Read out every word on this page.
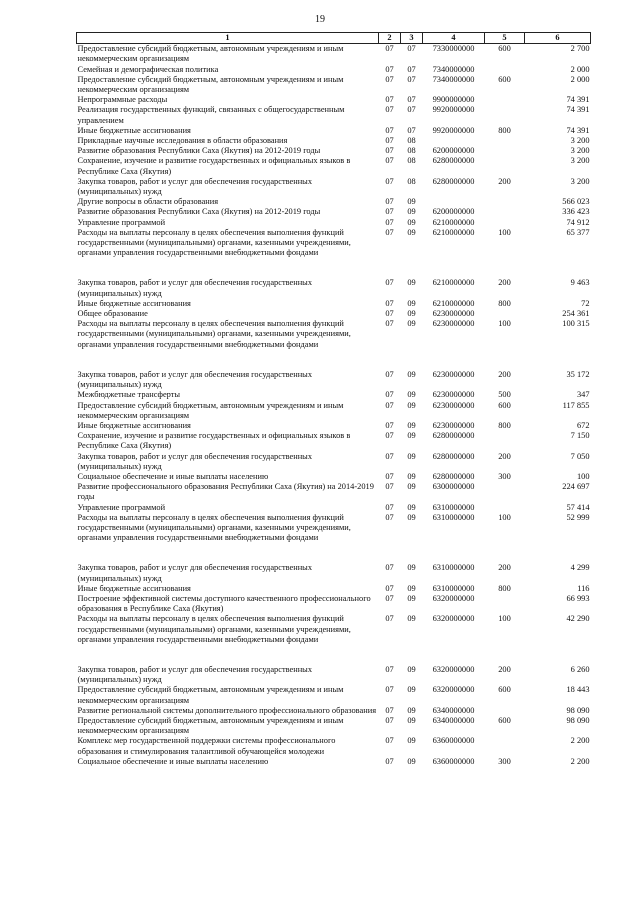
19
1	2	3	4	5	6
Предоставление субсидий бюджетным, автономным учреждениям и иным некоммерческим организациям	07	07	7330000000	600	2 700
Семейная и демографическая политика	07	07	7340000000		2 000
Предоставление субсидий бюджетным, автономным учреждениям и иным некоммерческим организациям	07	07	7340000000	600	2 000
Непрограммные расходы	07	07	9900000000		74 391
Реализация государственных функций, связанных с общегосударственным управлением	07	07	9920000000		74 391
Иные бюджетные ассигнования	07	07	9920000000	800	74 391
Прикладные научные исследования в области образования	07	08			3 200
Развитие образования Республики Саха (Якутия) на 2012-2019 годы	07	08	6200000000		3 200
Сохранение, изучение и развитие государственных и официальных языков в Республике Саха (Якутия)	07	08	6280000000		3 200
Закупка товаров, работ и услуг для обеспечения государственных (муниципальных) нужд	07	08	6280000000	200	3 200
Другие вопросы в области образования	07	09			566 023
Развитие образования Республики Саха (Якутия) на 2012-2019 годы	07	09	6200000000		336 423
Управление программой	07	09	6210000000		74 912
Расходы на выплаты персоналу в целях обеспечения выполнения функций государственными (муниципальными) органами, казенными учреждениями, органами управления государственными внебюджетными фондами	07	09	6210000000	100	65 377

Закупка товаров, работ и услуг для обеспечения государственных (муниципальных) нужд	07	09	6210000000	200	9 463
Иные бюджетные ассигнования	07	09	6210000000	800	72
Общее образование	07	09	6230000000		254 361
Расходы на выплаты персоналу в целях обеспечения выполнения функций государственными (муниципальными) органами, казенными учреждениями, органами управления государственными внебюджетными фондами	07	09	6230000000	100	100 315

Закупка товаров, работ и услуг для обеспечения государственных (муниципальных) нужд	07	09	6230000000	200	35 172
Межбюджетные трансферты	07	09	6230000000	500	347
Предоставление субсидий бюджетным, автономным учреждениям и иным некоммерческим организациям	07	09	6230000000	600	117 855
Иные бюджетные ассигнования	07	09	6230000000	800	672
Сохранение, изучение и развитие государственных и официальных языков в Республике Саха (Якутия)	07	09	6280000000		7 150
Закупка товаров, работ и услуг для обеспечения государственных (муниципальных) нужд	07	09	6280000000	200	7 050
Социальное обеспечение и иные выплаты населению	07	09	6280000000	300	100
Развитие профессионального образования Республики Саха (Якутия) на 2014-2019 годы	07	09	6300000000		224 697
Управление программой	07	09	6310000000		57 414
Расходы на выплаты персоналу в целях обеспечения выполнения функций государственными (муниципальными) органами, казенными учреждениями, органами управления государственными внебюджетными фондами	07	09	6310000000	100	52 999

Закупка товаров, работ и услуг для обеспечения государственных (муниципальных) нужд	07	09	6310000000	200	4 299
Иные бюджетные ассигнования	07	09	6310000000	800	116
Построение эффективной системы доступного качественного профессионального образования в Республике Саха (Якутия)	07	09	6320000000		66 993
Расходы на выплаты персоналу в целях обеспечения выполнения функций государственными (муниципальными) органами, казенными учреждениями, органами управления государственными внебюджетными фондами	07	09	6320000000	100	42 290

Закупка товаров, работ и услуг для обеспечения государственных (муниципальных) нужд	07	09	6320000000	200	6 260
Предоставление субсидий бюджетным, автономным учреждениям и иным некоммерческим организациям	07	09	6320000000	600	18 443
Развитие региональной системы дополнительного профессионального образования	07	09	6340000000		98 090
Предоставление субсидий бюджетным, автономным учреждениям и иным некоммерческим организациям	07	09	6340000000	600	98 090
Комплекс мер государственной поддержки системы профессионального образования и стимулирования талантливой обучающейся молодежи	07	09	6360000000		2 200
Социальное обеспечение и иные выплаты населению	07	09	6360000000	300	2 200
